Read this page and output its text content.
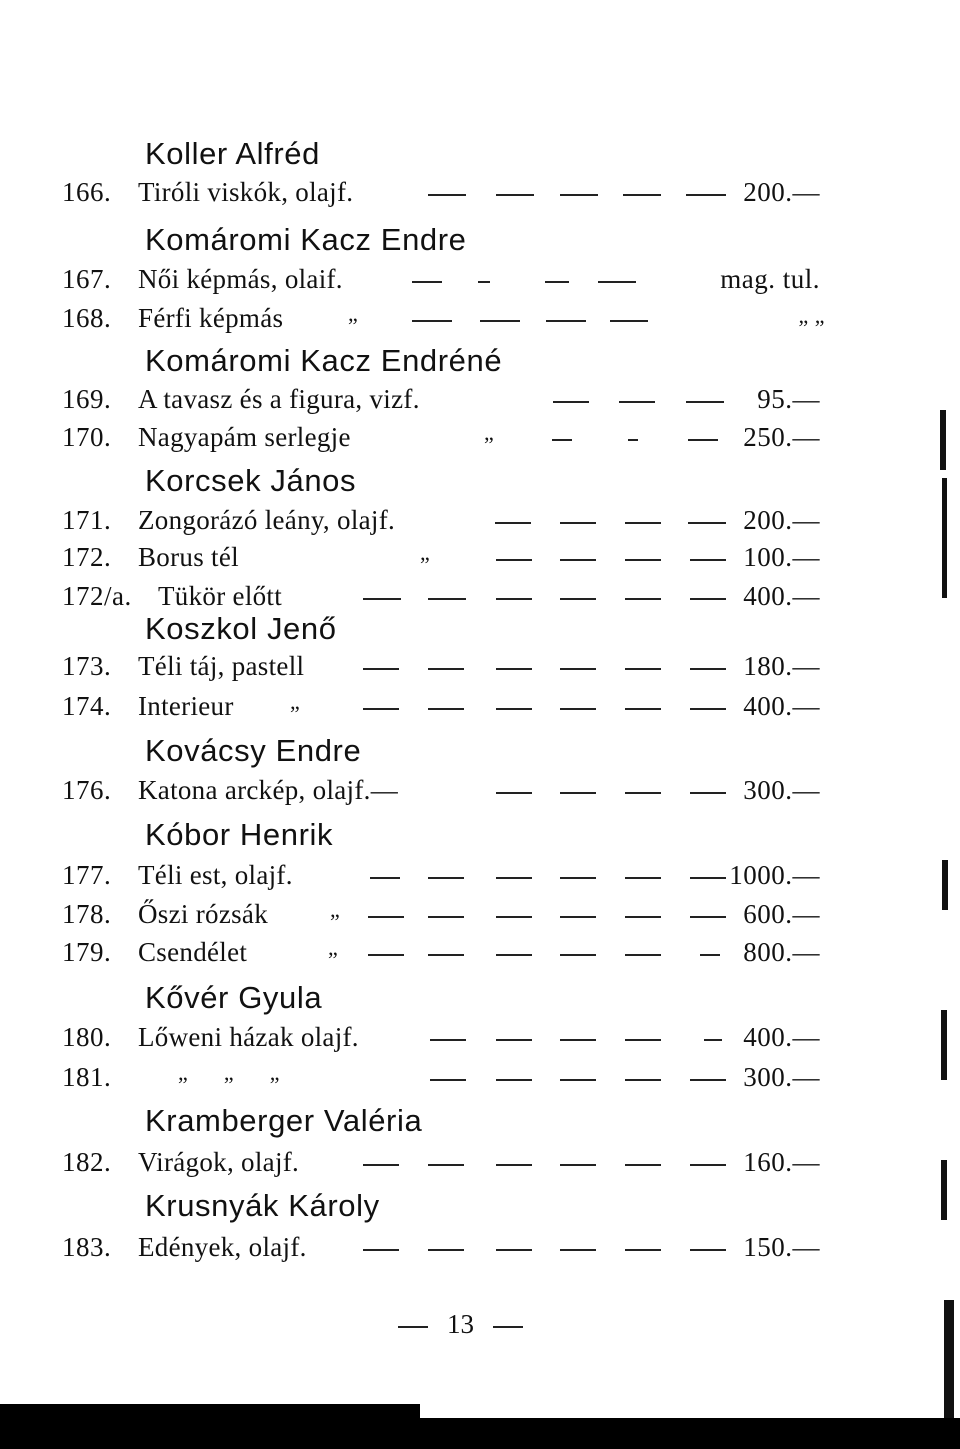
Koller Alfréd
166. Tiróli viskók, olajf.	200.—
Komáromi Kacz Endre
167. Női képmás, olaif.	mag. tul.
168. Férfi képmás	„	„ „
Komáromi Kacz Endréné
169. A tavasz és a figura, vizf.	95.—
170. Nagyapám serlegje	„	250.—
Korcsek János
171. Zongorázó leány, olajf.	200.—
172. Borus tél	„	100.—
172/a. Tükör előtt	400.—
Koszkol Jenő
173. Téli táj, pastell	180.—
174. Interieur	„	400.—
Kovácsy Endre
176. Katona arckép, olajf.—	300.—
Kóbor Henrik
177. Téli est, olajf.	1000.—
178. Őszi rózsák	„	600.—
179. Csendélet	„	800.—
Kővér Gyula
180. Lőweni házak olajf.	400.—
181.	„ „ „	300.—
Kramberger Valéria
182. Virágok, olajf.	160.—
Krusnyák Károly
183. Edények, olajf.	150.—
13
